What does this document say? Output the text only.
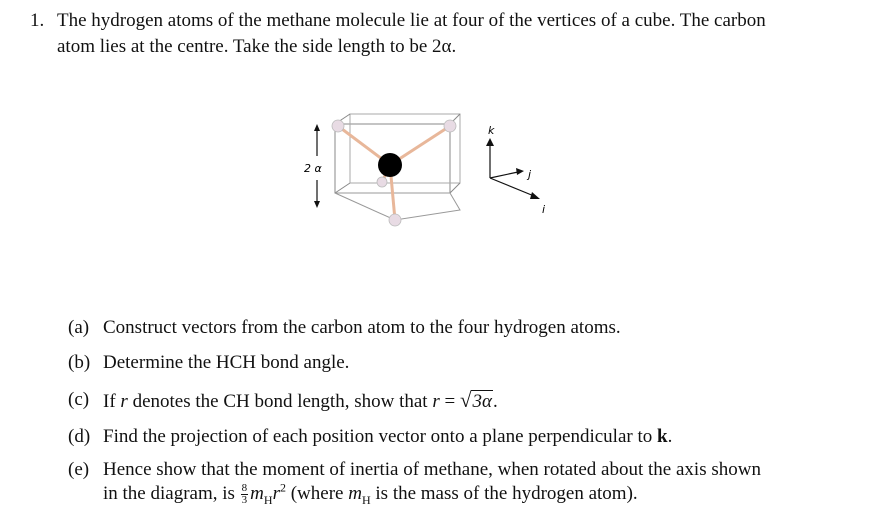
1. The hydrogen atoms of the methane molecule lie at four of the vertices of a cube. The carbon
atom lies at the centre. Take the side length to be 2α.
2 α
k
j
i
(a) Construct vectors from the carbon atom to the four hydrogen atoms.
(b) Determine the HCH bond angle.
(c) If r denotes the CH bond length, show that r = √3α.
(d) Find the projection of each position vector onto a plane perpendicular to k.
(e) Hence show that the moment of inertia of methane, when rotated about the axis shown
in the diagram, is $\frac{8}{3} m_Hr^2$ (where $m_H$ is the mass of the hydrogen atom).
